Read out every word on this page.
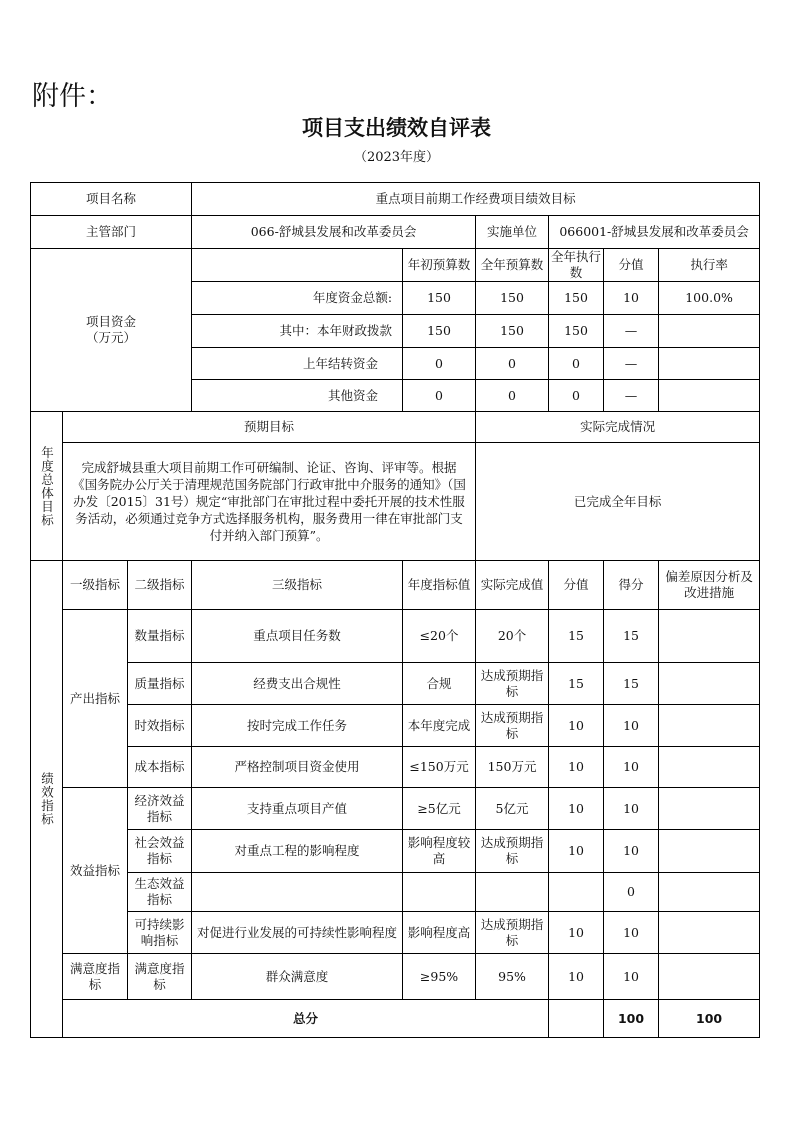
附件：
项目支出绩效自评表
（2023年度）
项目名称			重点项目前期工作经费项目绩效目标						
主管部门			066-舒城县发展和改革委员会		实施单位	066001-舒城县发展和改革委员会			

项目资金
（万元）				年初预算数	全年预算数	全年执行数	分值	执行率	
			年度资金总额:	150	150	150	10	100.0%	
			其中：本年财政拨款	150	150	150	—		
			上年结转资金	0	0	0	—		
			其他资金	0	0	0	—		

年度总体目标	预期目标				实际完成情况				

	完成舒城县重大项目前期工作可研编制、论证、咨询、评审等。根据《国务院办公厅关于清理规范国务院部门行政审批中介服务的通知》（国办发〔2015〕31号）规定“审批部门在审批过程中委托开展的技术性服务活动，必须通过竞争方式选择服务机构，服务费用一律在审批部门支付并纳入部门预算”。				已完成全年目标				

绩效指标	一级指标	二级指标	三级指标	年度指标值	实际完成值	分值	得分	偏差原因分析及改进措施	
	产出指标	数量指标	重点项目任务数	≤20个	20个	15	15		
		质量指标	经费支出合规性	合规	达成预期指标	15	15		
		时效指标	按时完成工作任务	本年度完成	达成预期指标	10	10		
		成本指标	严格控制项目资金使用	≤150万元	150万元	10	10		
	效益指标	经济效益指标	支持重点项目产值	≥5亿元	5亿元	10	10		
		社会效益指标	对重点工程的影响程度	影响程度较高	达成预期指标	10	10		
		生态效益指标					0		
		可持续影响指标	对促进行业发展的可持续性影响程度	影响程度高	达成预期指标	10	10		
	满意度指标	满意度指标	群众满意度	≥95%	95%	10	10		
	总分						100	100	
